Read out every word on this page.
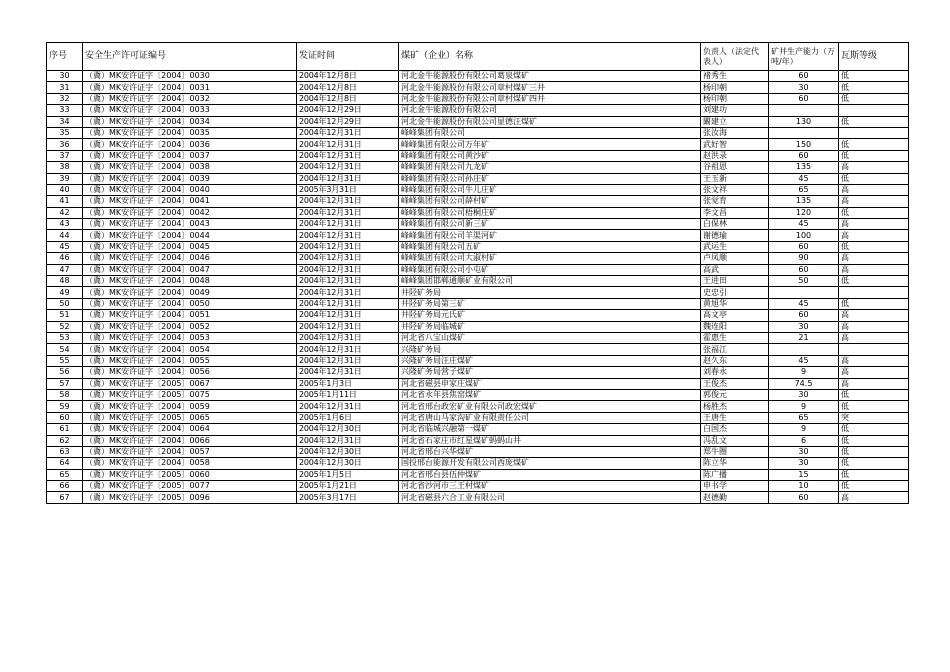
序号	安全生产许可证编号	发证时间	煤矿（企业）名称	负责人（法定代表人）	矿井生产能力（万吨/年）	瓦斯等级
30	（冀）MK安许证字〔2004〕0030	2004年12月8日	河北金牛能源股份有限公司葛泉煤矿	褚秀生	60	低
31	（冀）MK安许证字〔2004〕0031	2004年12月8日	河北金牛能源股份有限公司章村煤矿三井	杨印朝	30	低
32	（冀）MK安许证字〔2004〕0032	2004年12月8日	河北金牛能源股份有限公司章村煤矿四井	杨印朝	60	低
33	（冀）MK安许证字〔2004〕0033	2004年12月29日	河北金牛能源股份有限公司	刘建功		
34	（冀）MK安许证字〔2004〕0034	2004年12月29日	河北金牛能源股份有限公司显德汪煤矿	闞建立	130	低
35	（冀）MK安许证字〔2004〕0035	2004年12月31日	峰峰集团有限公司	张汝海		
36	（冀）MK安许证字〔2004〕0036	2004年12月31日	峰峰集团有限公司万年矿	武好智	150	低
37	（冀）MK安许证字〔2004〕0037	2004年12月31日	峰峰集团有限公司黄沙矿	赵洪录	60	低
38	（冀）MK安许证字〔2004〕0038	2004年12月31日	峰峰集团有限公司九龙矿	谷祖恩	135	高
39	（冀）MK安许证字〔2004〕0039	2004年12月31日	峰峰集团有限公司孙庄矿	王玉新	45	低
40	（冀）MK安许证字〔2004〕0040	2005年3月31日	峰峰集团有限公司牛儿庄矿	张文祥	65	高
41	（冀）MK安许证字〔2004〕0041	2004年12月31日	峰峰集团有限公司薛村矿	张觉育	135	高
42	（冀）MK安许证字〔2004〕0042	2004年12月31日	峰峰集团有限公司梧桐庄矿	李文昌	120	低
43	（冀）MK安许证字〔2004〕0043	2004年12月31日	峰峰集团有限公司新三矿	白保林	45	高
44	（冀）MK安许证字〔2004〕0044	2004年12月31日	峰峰集团有限公司羊渠河矿	谢德瑜	100	高
45	（冀）MK安许证字〔2004〕0045	2004年12月31日	峰峰集团有限公司五矿	武运生	60	低
46	（冀）MK安许证字〔2004〕0046	2004年12月31日	峰峰集团有限公司大淑村矿	卢凤顺	90	高
47	（冀）MK安许证字〔2004〕0047	2004年12月31日	峰峰集团有限公司小屯矿	高武	60	高
48	（冀）MK安许证字〔2004〕0048	2004年12月31日	峰峰集团邯郸通顺矿业有限公司	王进田	50	低
49	（冀）MK安许证字〔2004〕0049	2004年12月31日	井陉矿务局	史忠引		
50	（冀）MK安许证字〔2004〕0050	2004年12月31日	井陉矿务局第三矿	黄旭华	45	低
51	（冀）MK安许证字〔2004〕0051	2004年12月31日	井陉矿务局元氏矿	高文亭	60	高
52	（冀）MK安许证字〔2004〕0052	2004年12月31日	井陉矿务局临城矿	魏连阳	30	高
53	（冀）MK安许证字〔2004〕0053	2004年12月31日	河北省八宝山煤矿	霍惠生	21	高
54	（冀）MK安许证字〔2004〕0054	2004年12月31日	兴隆矿务局	张福江		
55	（冀）MK安许证字〔2004〕0055	2004年12月31日	兴隆矿务局汪庄煤矿	赵久东	45	高
56	（冀）MK安许证字〔2004〕0056	2004年12月31日	兴隆矿务局营子煤矿	刘春永	9	高
57	（冀）MK安许证字〔2005〕0067	2005年1月3日	河北省磁县申家庄煤矿	王俊杰	74.5	高
58	（冀）MK安许证字〔2005〕0075	2005年1月11日	河北省永年县焦窑煤矿	郭俊元	30	低
59	（冀）MK安许证字〔2004〕0059	2004年12月31日	河北省邢台政宏矿业有限公司政宏煤矿	杨胜杰	9	低
60	（冀）MK安许证字〔2005〕0065	2005年1月6日	河北省唐山马家沟矿业有限责任公司	王唐生	65	突
61	（冀）MK安许证字〔2004〕0064	2004年12月30日	河北省临城兴融第一煤矿	白国杰	9	低
62	（冀）MK安许证字〔2004〕0066	2004年12月31日	河北省石家庄市红星煤矿蚂蚂山井	冯乱文	6	低
63	（冀）MK安许证字〔2004〕0057	2004年12月30日	河北省邢台兴华煤矿	郑牛圈	30	低
64	（冀）MK安许证字〔2004〕0058	2004年12月30日	国投邢台能源开发有限公司西庞煤矿	陈立华	30	低
65	（冀）MK安许证字〔2005〕0060	2005年1月5日	河北省邢台县伍仲煤矿	陈广播	15	低
66	（冀）MK安许证字〔2005〕0077	2005年1月21日	河北省沙河市三王村煤矿	申书学	10	低
67	（冀）MK安许证字〔2005〕0096	2005年3月17日	河北省磁县六合工业有限公司	赵德勤	60	高
